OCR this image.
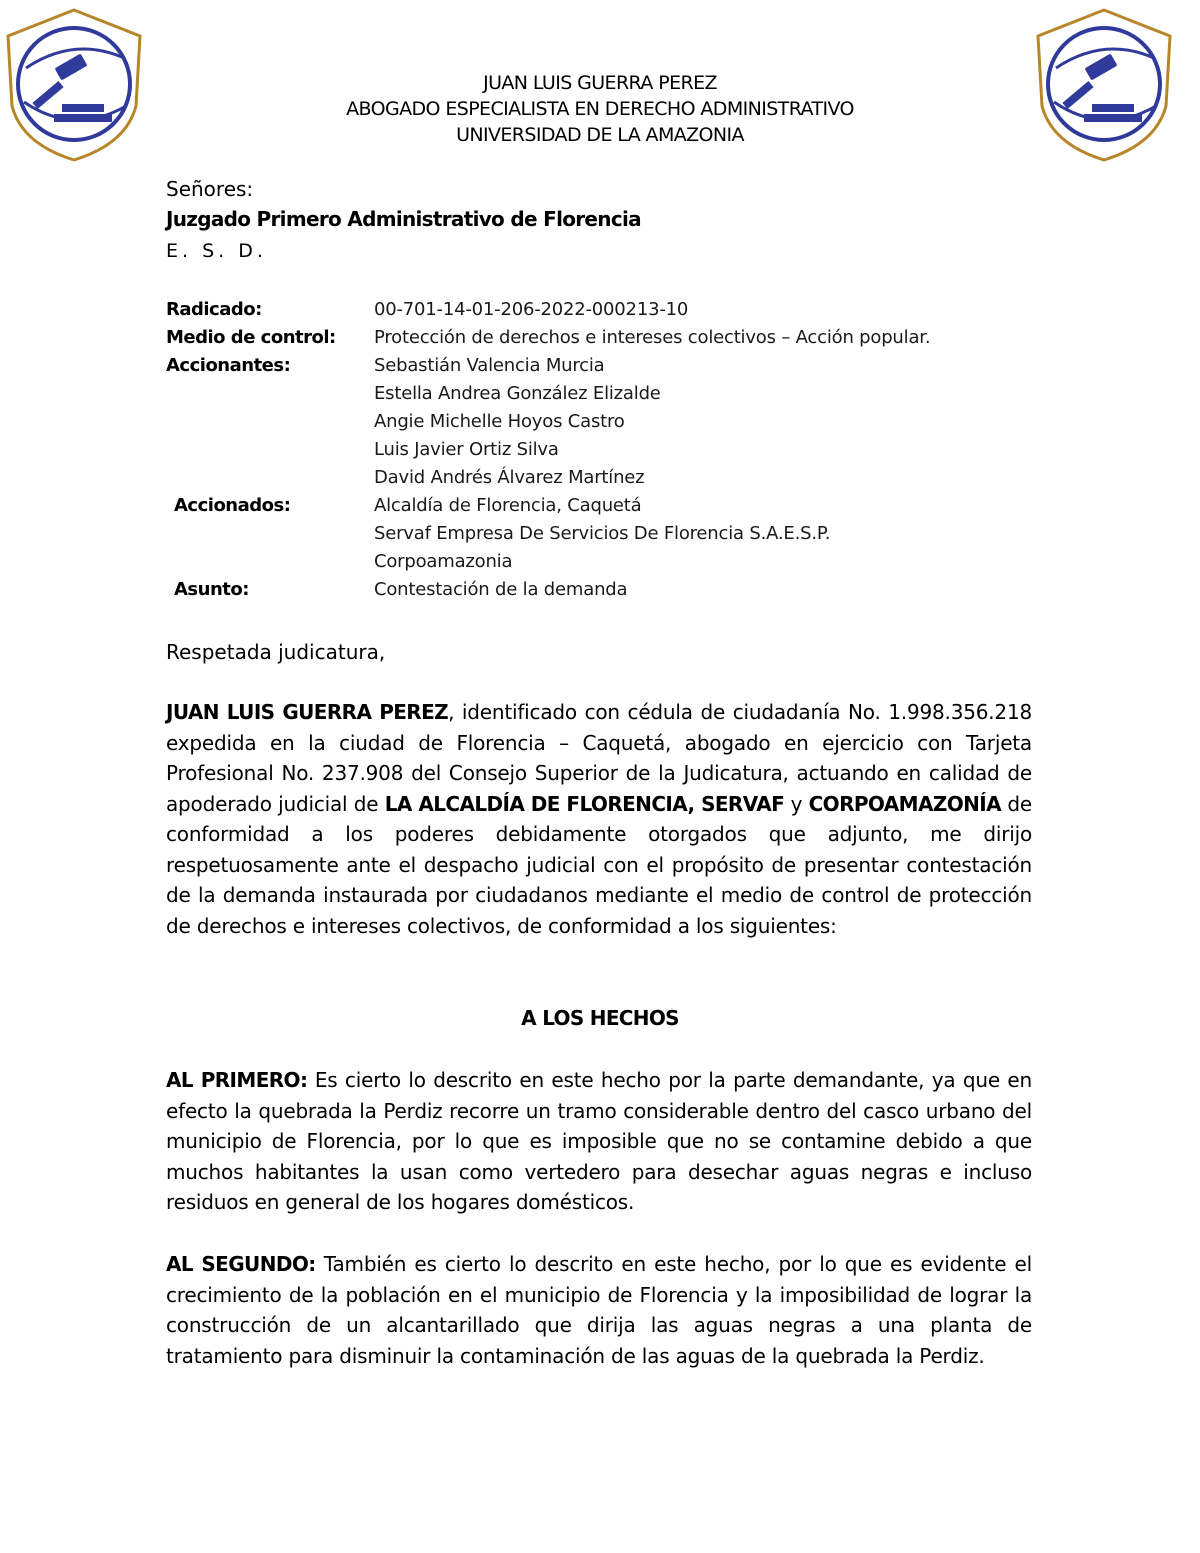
JUAN LUIS GUERRA PEREZ
ABOGADO ESPECIALISTA EN DERECHO ADMINISTRATIVO
UNIVERSIDAD DE LA AMAZONIA
Señores:
Juzgado Primero Administrativo de Florencia
E. S. D.
Radicado:	00-701-14-01-206-2022-000213-10
Medio de control: Protección de derechos e intereses colectivos – Acción popular.
Accionantes:	Sebastián Valencia Murcia
Estella Andrea González Elizalde
Angie Michelle Hoyos Castro
Luis Javier Ortiz Silva
David Andrés Álvarez Martínez
Accionados:	Alcaldía de Florencia, Caquetá
Servaf Empresa De Servicios De Florencia S.A.E.S.P.
Corpoamazonia
Asunto:	Contestación de la demanda
Respetada judicatura,
JUAN LUIS GUERRA PEREZ, identificado con cédula de ciudadanía No. 1.998.356.218 expedida en la ciudad de Florencia – Caquetá, abogado en ejercicio con Tarjeta Profesional No. 237.908 del Consejo Superior de la Judicatura, actuando en calidad de apoderado judicial de LA ALCALDÍA DE FLORENCIA, SERVAF y CORPOAMAZONÍA de conformidad a los poderes debidamente otorgados que adjunto, me dirijo respetuosamente ante el despacho judicial con el propósito de presentar contestación de la demanda instaurada por ciudadanos mediante el medio de control de protección de derechos e intereses colectivos, de conformidad a los siguientes:
A LOS HECHOS
AL PRIMERO: Es cierto lo descrito en este hecho por la parte demandante, ya que en efecto la quebrada la Perdiz recorre un tramo considerable dentro del casco urbano del municipio de Florencia, por lo que es imposible que no se contamine debido a que muchos habitantes la usan como vertedero para desechar aguas negras e incluso residuos en general de los hogares domésticos.
AL SEGUNDO: También es cierto lo descrito en este hecho, por lo que es evidente el crecimiento de la población en el municipio de Florencia y la imposibilidad de lograr la construcción de un alcantarillado que dirija las aguas negras a una planta de tratamiento para disminuir la contaminación de las aguas de la quebrada la Perdiz.
